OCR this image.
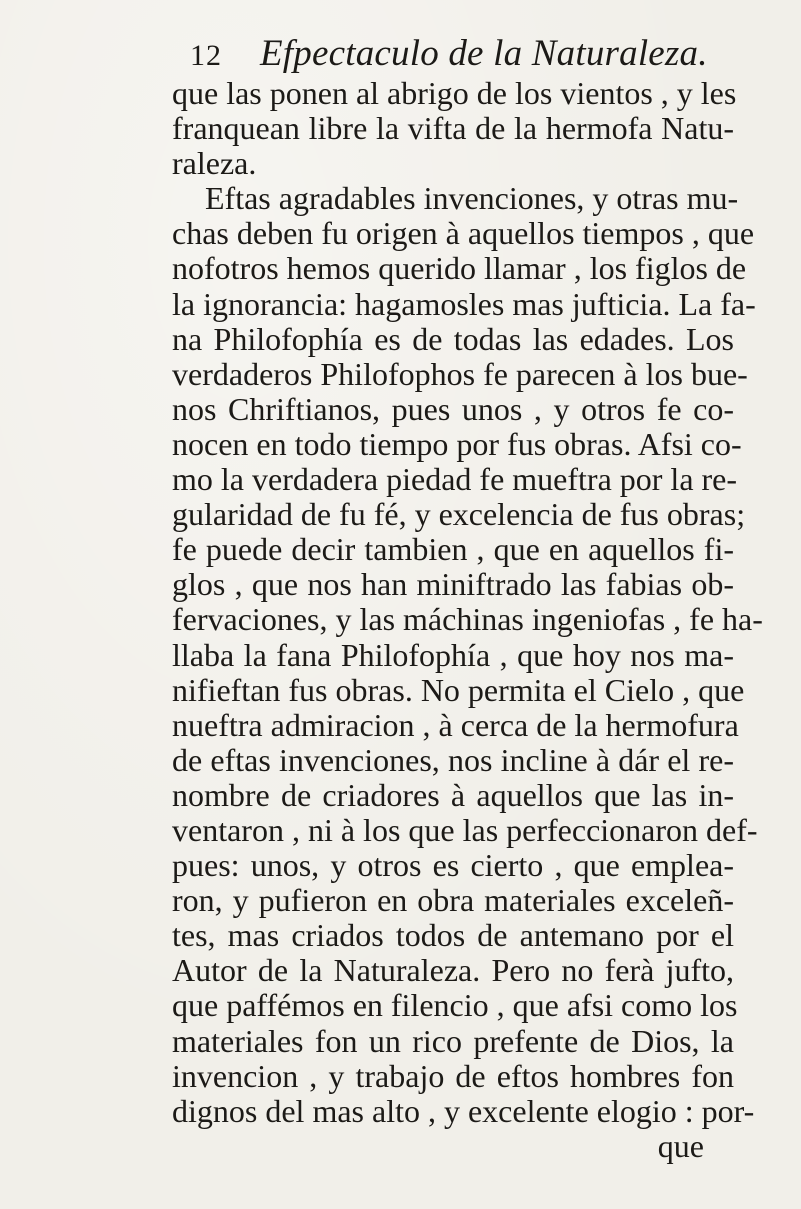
12 Efpectaculo de la Naturaleza.
que las ponen al abrigo de los vientos , y les
franquean libre la vifta de la hermofa Natu-
raleza.
Eftas agradables invenciones, y otras mu-
chas deben fu origen à aquellos tiempos , que
nofotros hemos querido llamar , los figlos de
la ignorancia: hagamosles mas jufticia. La fa-
na Philofophía es de todas las edades. Los
verdaderos Philofophos fe parecen à los bue-
nos Chriftianos, pues unos , y otros fe co-
nocen en todo tiempo por fus obras. Afsi co-
mo la verdadera piedad fe mueftra por la re-
gularidad de fu fé, y excelencia de fus obras;
fe puede decir tambien , que en aquellos fi-
glos , que nos han miniftrado las fabias ob-
fervaciones, y las máchinas ingeniofas , fe ha-
llaba la fana Philofophía , que hoy nos ma-
nifieftan fus obras. No permita el Cielo , que
nueftra admiracion , à cerca de la hermofura
de eftas invenciones, nos incline à dár el re-
nombre de criadores à aquellos que las in-
ventaron , ni à los que las perfeccionaron def-
pues: unos, y otros es cierto , que emplea-
ron, y pufieron en obra materiales exceleñ-
tes, mas criados todos de antemano por el
Autor de la Naturaleza. Pero no ferà jufto,
que paffémos en filencio , que afsi como los
materiales fon un rico prefente de Dios, la
invencion , y trabajo de eftos hombres fon
dignos del mas alto , y excelente elogio : por-
que
